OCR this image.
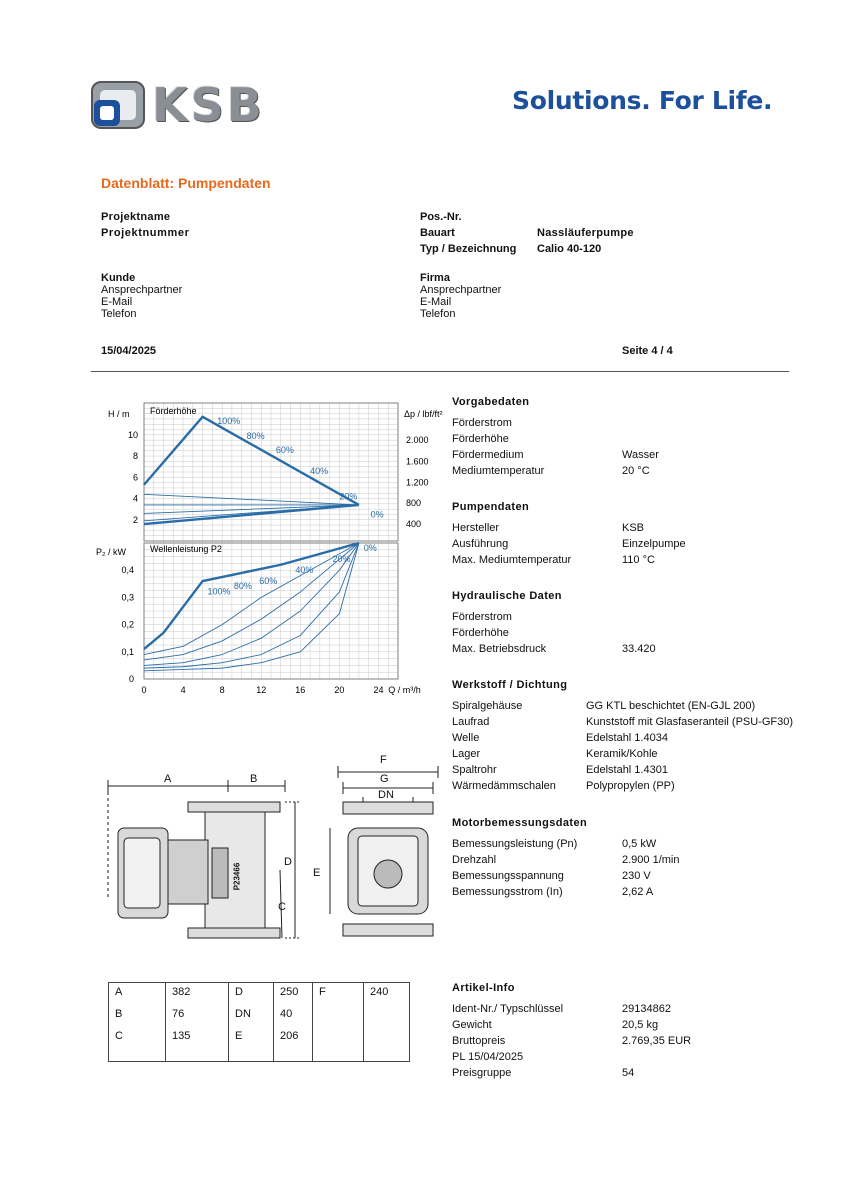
KSB	Solutions. For Life.
Datenblatt: Pumpendaten
Projektname
Projektnummer
Pos.-Nr.
Bauart	Nassläuferpumpe
Typ / Bezeichnung Calio 40-120
Kunde
Ansprechpartner
E-Mail
Telefon
Firma
Ansprechpartner
E-Mail
Telefon
15/04/2025	Seite 4 / 4
Förderhöhe
H / m	Δp / lbf/ft²
2
4
6
8
10
400
800
1.200
1.600
2.000
100%
80%
60%
40%
20%
0%
Wellenleistung P2
P₂ / kW
0
0,1
0,2
0,3
0,4
0	4	8	12	16	20	24 Q / m³/h
100%
80%
60%
40%
20%
0%
A	B
C
D
E
F
G
DN
P23466
A	382	D	250	F	240
B	76	DN	40		
C	135	E	206		
Vorgabedaten
Förderstrom
Förderhöhe
Fördermedium	Wasser
Mediumtemperatur	20 °C
Pumpendaten
Hersteller	KSB
Ausführung	Einzelpumpe
Max. Mediumtemperatur	110 °C
Hydraulische Daten
Förderstrom
Förderhöhe
Max. Betriebsdruck	33.420
Werkstoff / Dichtung
Spiralgehäuse	GG KTL beschichtet (EN-GJL 200)
Laufrad	Kunststoff mit Glasfaseranteil (PSU-GF30)
Welle	Edelstahl 1.4034
Lager	Keramik/Kohle
Spaltrohr	Edelstahl 1.4301
Wärmedämmschalen	Polypropylen (PP)
Motorbemessungsdaten
Bemessungsleistung (Pn)	0,5 kW
Drehzahl	2.900 1/min
Bemessungsspannung	230 V
Bemessungsstrom (In)	2,62 A
Artikel-Info
Ident-Nr./ Typschlüssel	29134862
Gewicht	20,5 kg
Bruttopreis	2.769,35 EUR
PL 15/04/2025
Preisgruppe	54
